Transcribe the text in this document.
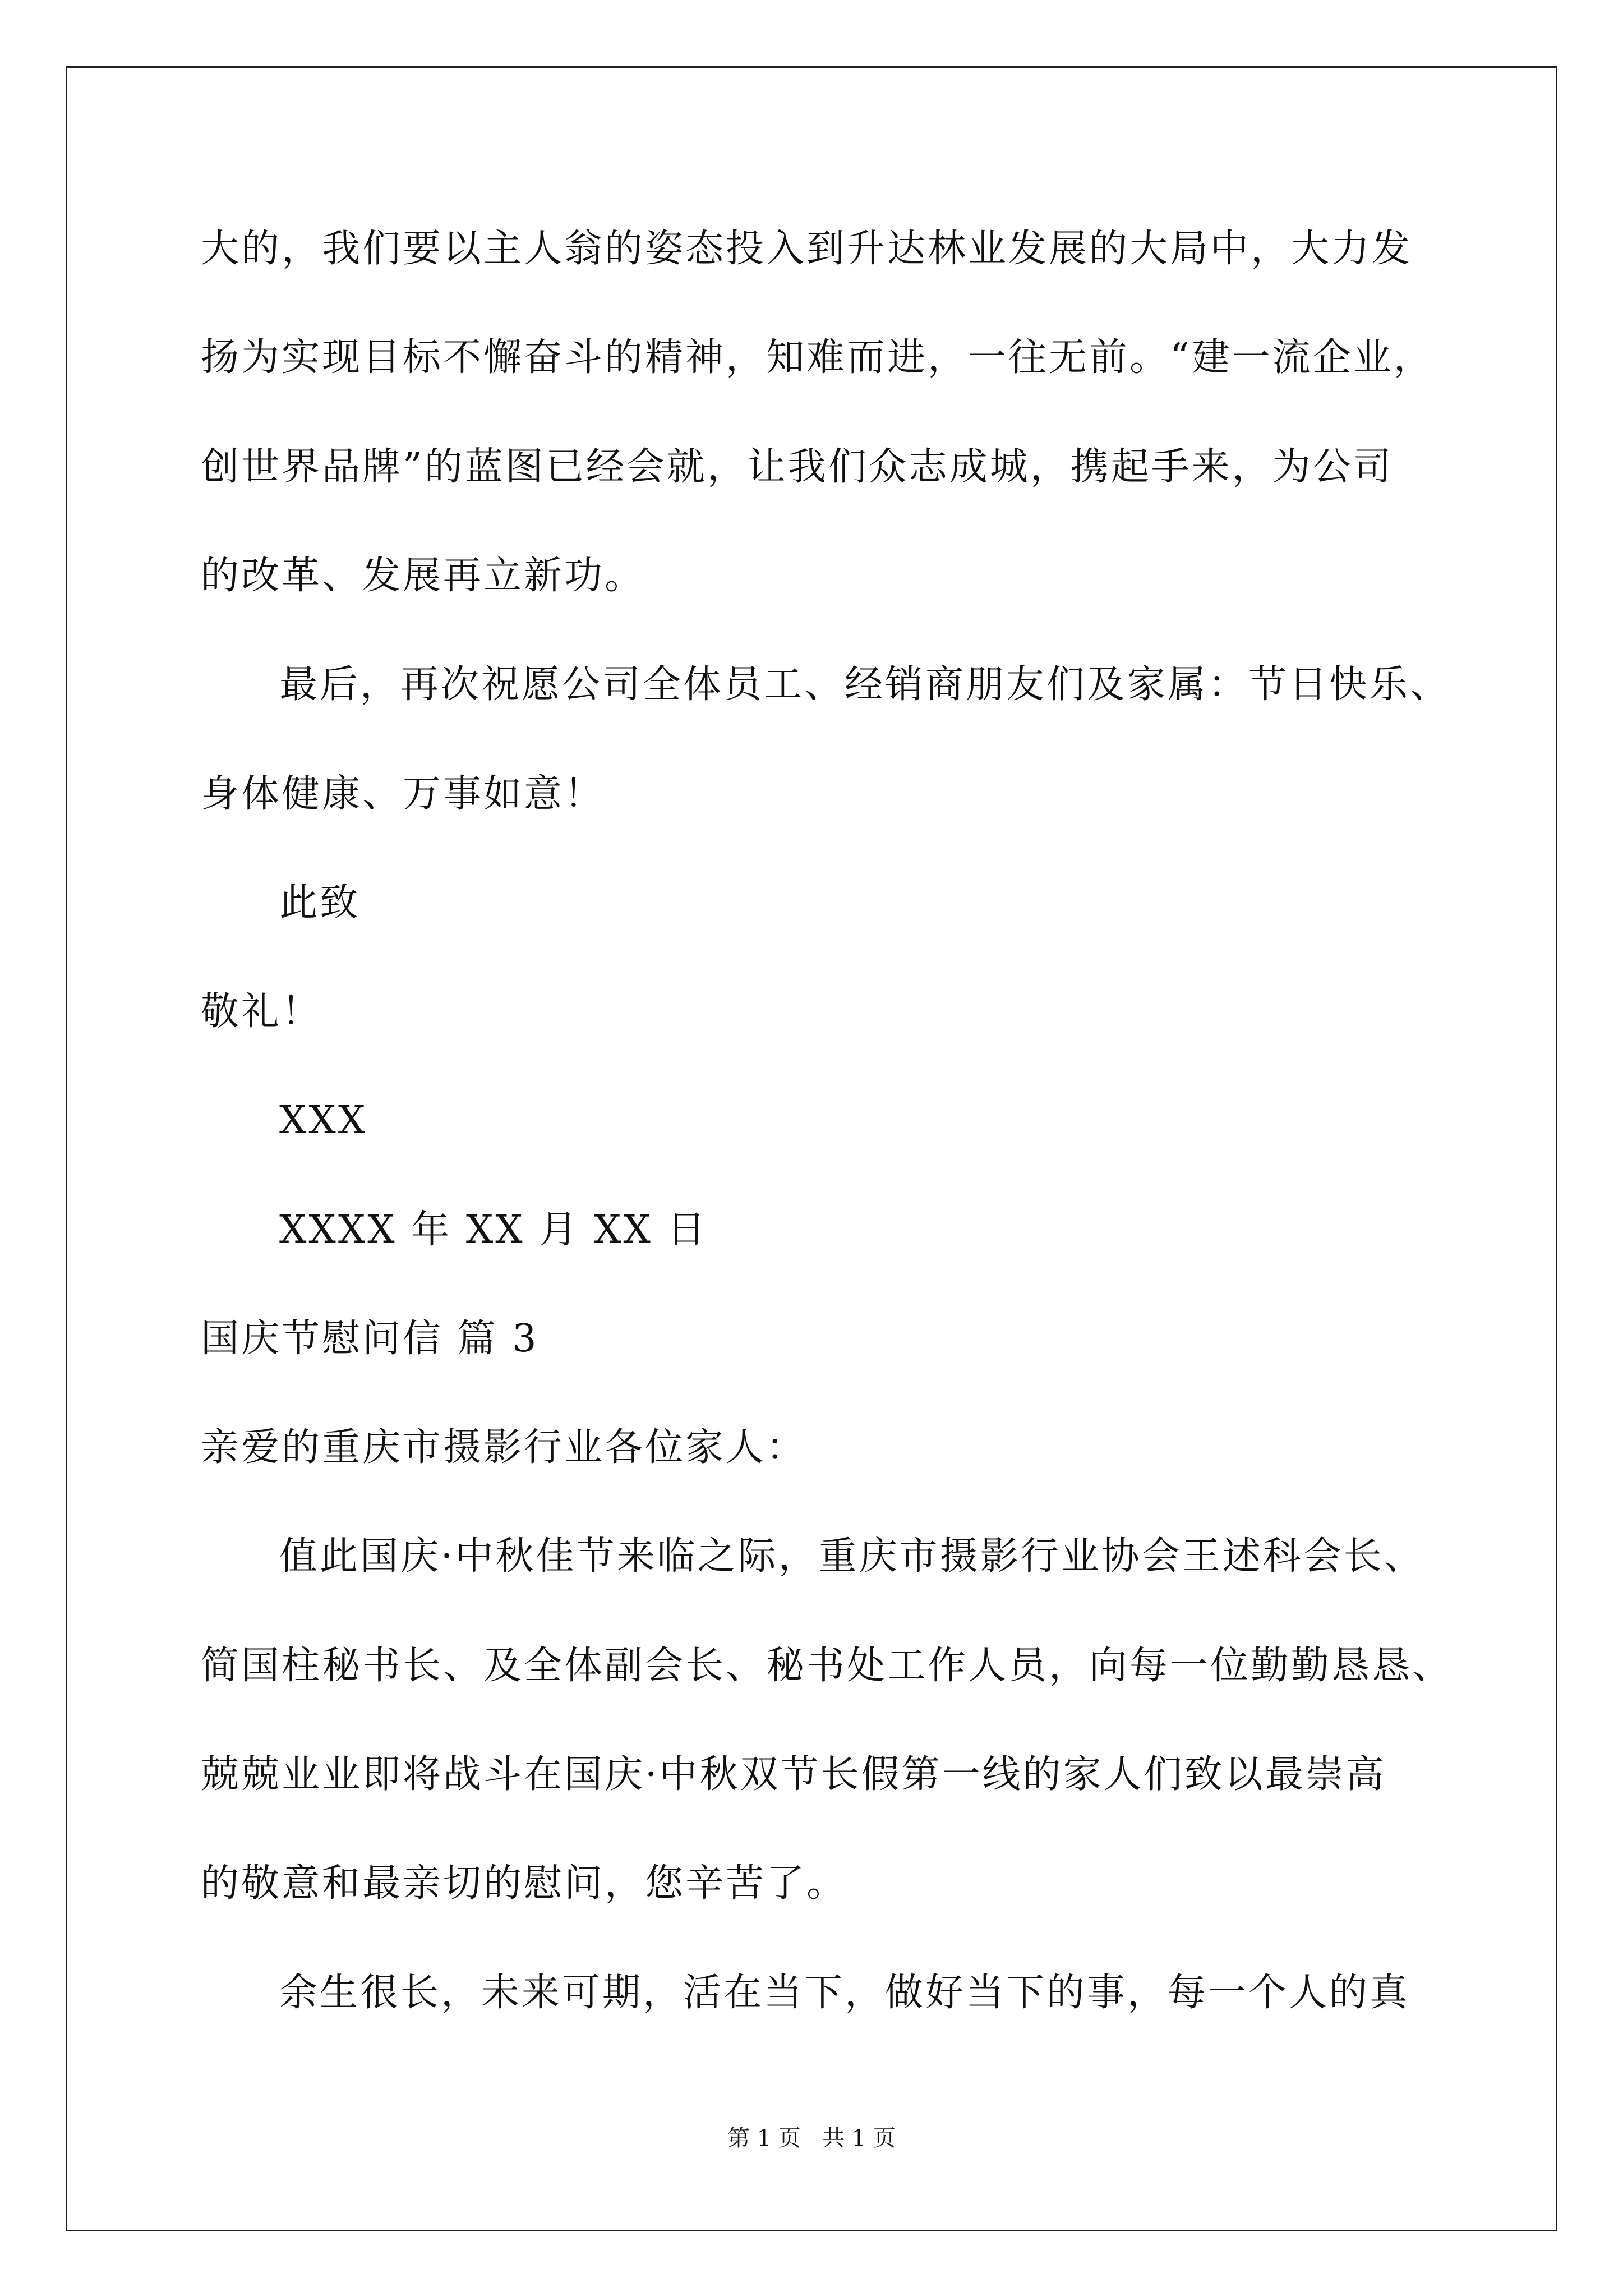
大的，我们要以主人翁的姿态投入到升达林业发展的大局中，大力发
扬为实现目标不懈奋斗的精神，知难而进，一往无前。“建一流企业，
创世界品牌”的蓝图已经会就，让我们众志成城，携起手来，为公司
的改革、发展再立新功。
最后，再次祝愿公司全体员工、经销商朋友们及家属：节日快乐、
身体健康、万事如意！
此致
敬礼！
XXX
XXXX 年 XX 月 XX 日
国庆节慰问信 篇 3
亲爱的重庆市摄影行业各位家人：
值此国庆·中秋佳节来临之际，重庆市摄影行业协会王述科会长、
简国柱秘书长、及全体副会长、秘书处工作人员，向每一位勤勤恳恳、
兢兢业业即将战斗在国庆·中秋双节长假第一线的家人们致以最崇高
的敬意和最亲切的慰问，您辛苦了。
余生很长，未来可期，活在当下，做好当下的事，每一个人的真
第 1 页   共 1 页
